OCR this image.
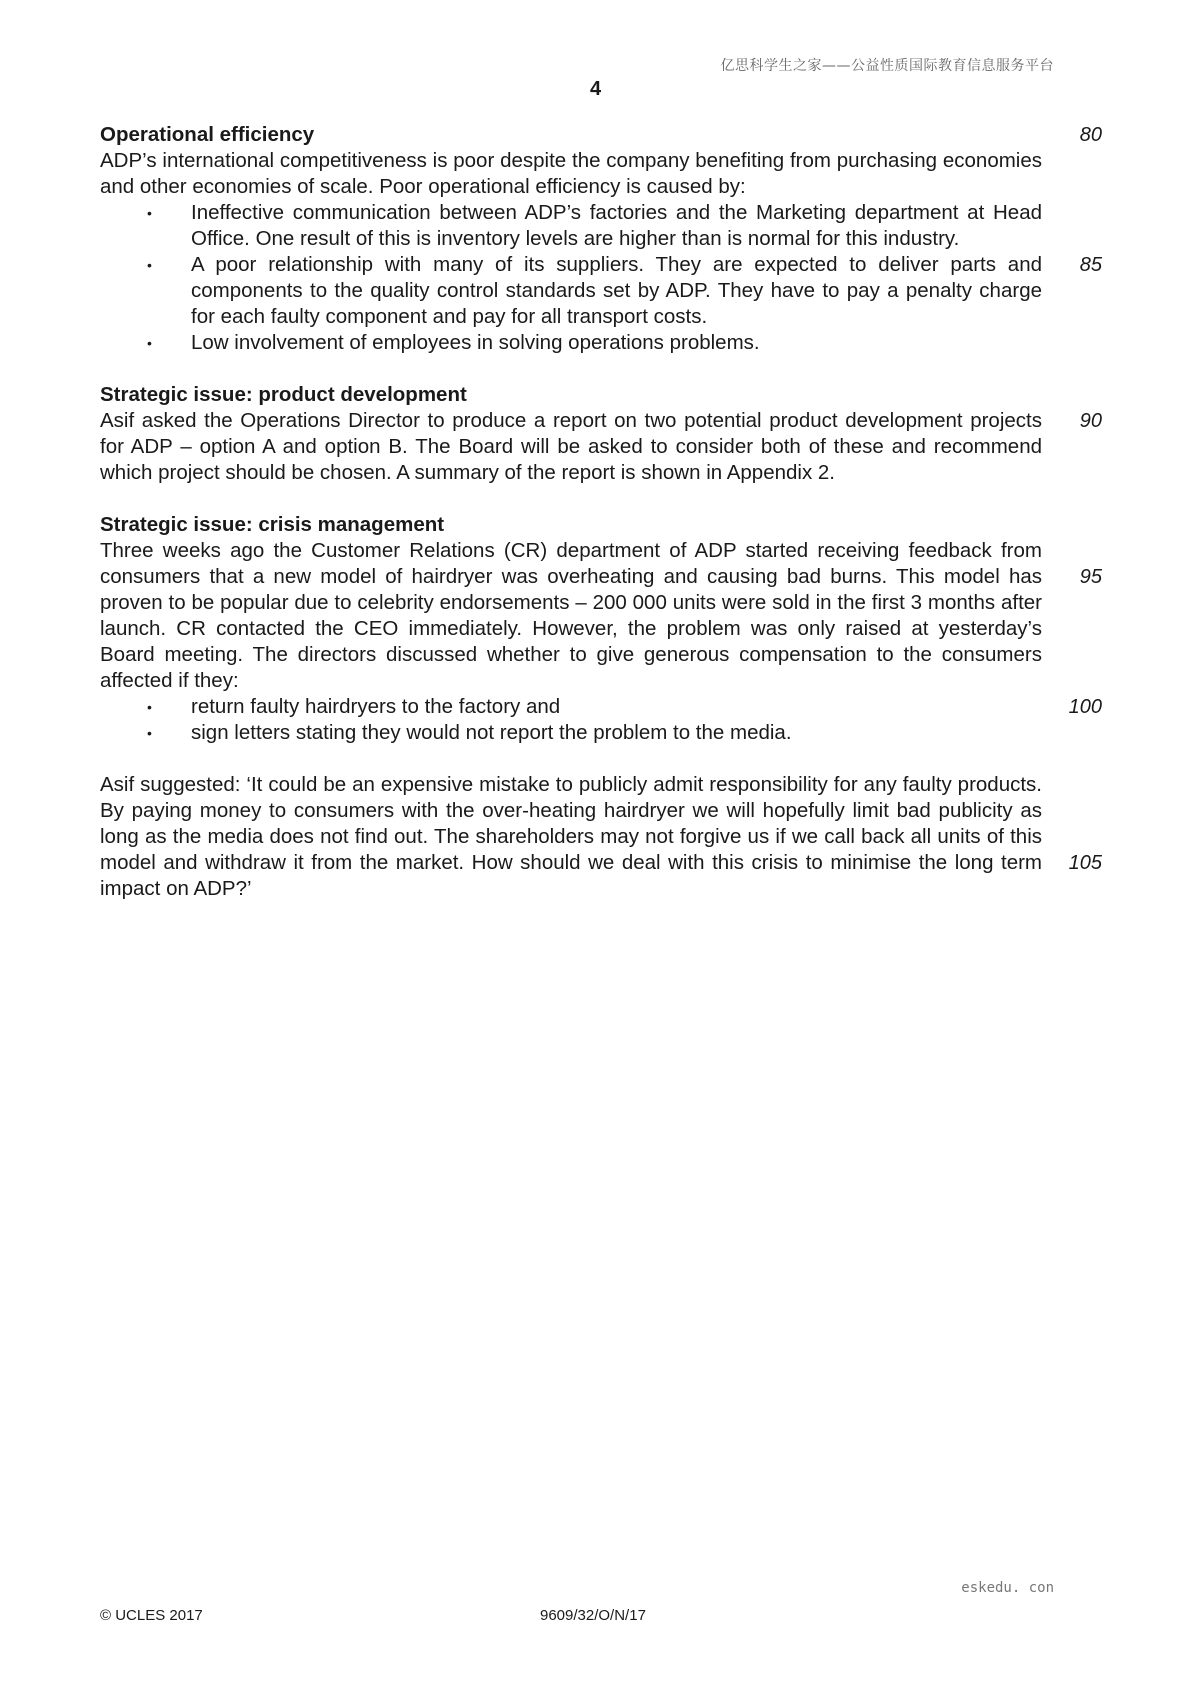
亿思科学生之家——公益性质国际教育信息服务平台
4

Operational efficiency

ADP’s international competitiveness is poor despite the company benefiting from purchasing economies and other economies of scale. Poor operational efficiency is caused by:

• Ineffective communication between ADP’s factories and the Marketing department at Head Office. One result of this is inventory levels are higher than is normal for this industry.
• A poor relationship with many of its suppliers. They are expected to deliver parts and components to the quality control standards set by ADP. They have to pay a penalty charge for each faulty component and pay for all transport costs.
• Low involvement of employees in solving operations problems.

Strategic issue: product development

Asif asked the Operations Director to produce a report on two potential product development projects for ADP – option A and option B. The Board will be asked to consider both of these and recommend which project should be chosen. A summary of the report is shown in Appendix 2.

Strategic issue: crisis management

Three weeks ago the Customer Relations (CR) department of ADP started receiving feedback from consumers that a new model of hairdryer was overheating and causing bad burns. This model has proven to be popular due to celebrity endorsements – 200 000 units were sold in the first 3 months after launch. CR contacted the CEO immediately. However, the problem was only raised at yesterday’s Board meeting. The directors discussed whether to give generous compensation to the consumers affected if they:

• return faulty hairdryers to the factory and
• sign letters stating they would not report the problem to the media.

Asif suggested: ‘It could be an expensive mistake to publicly admit responsibility for any faulty products. By paying money to consumers with the over-heating hairdryer we will hopefully limit bad publicity as long as the media does not find out. The shareholders may not forgive us if we call back all units of this model and withdraw it from the market. How should we deal with this crisis to minimise the long term impact on ADP?’

80
85
90
95
100
105
eskedu. con
© UCLES 2017	9609/32/O/N/17
